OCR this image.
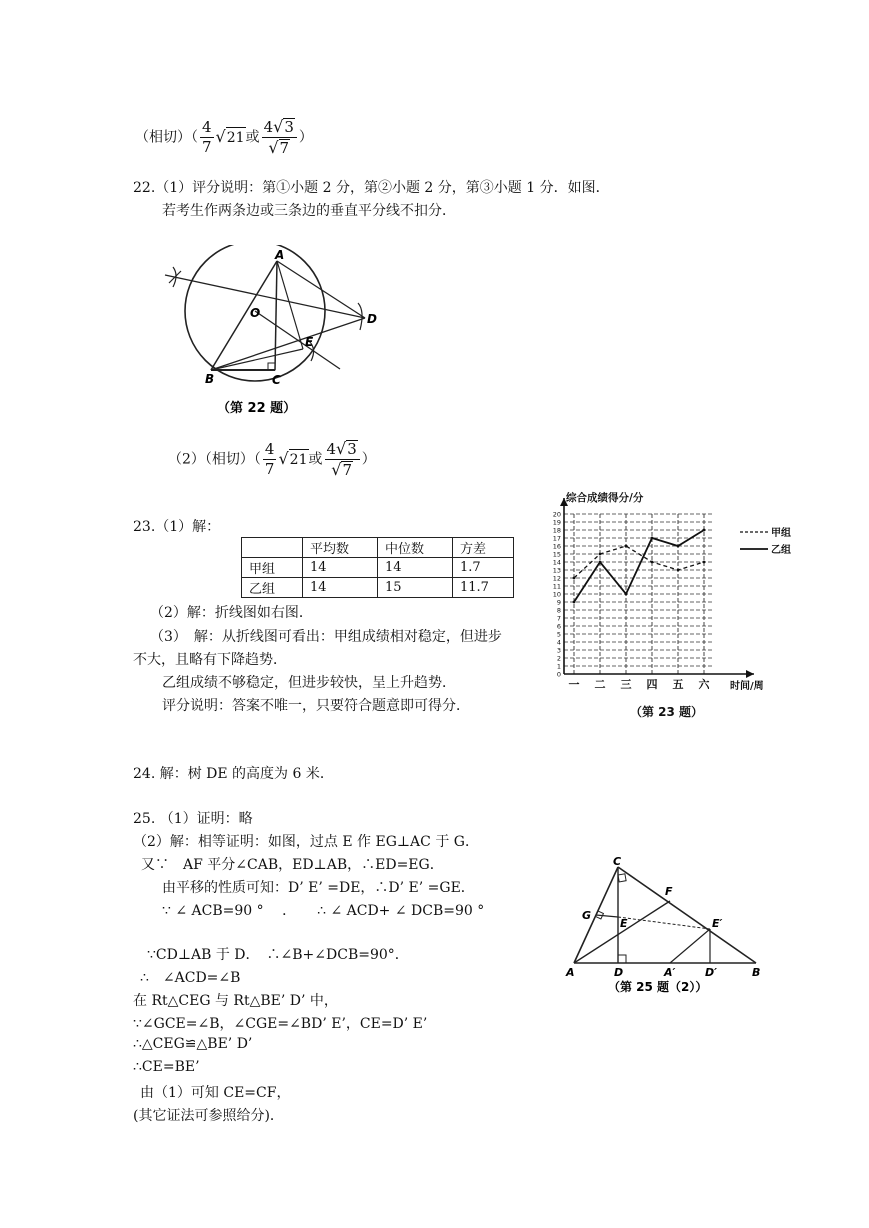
（相切）（ $\frac{4}{7} √21$或 $\frac{4√3}{√7}$ ）
22.（1）评分说明：第①小题 2 分，第②小题 2 分，第③小题 1 分．如图．
若考生作两条边或三条边的垂直平分线不扣分．
A
O	D
E
B	C
（第 22 题）
（2）（相切）（ $\frac{4}{7} √21$或 $\frac{4√3}{√7}$ ）
23.（1）解：
	平均数	中位数	方差
甲组	14	14	1.7
乙组	14	15	11.7
（2）解：折线图如右图．
（3）　解：从折线图可看出：甲组成绩相对稳定，但进步
不大，且略有下降趋势．
乙组成绩不够稳定，但进步较快，呈上升趋势．
评分说明：答案不唯一，只要符合题意即可得分．
0
1
2
3
4
5
6
7
8
9
10
11
12
13
14
15
16
17
18
19
20
一 二 三 四 五 六
综合成绩得分/分
时间/周
甲组
乙组
（第 23 题）
24. 解：树 DE 的高度为 6 米．
25. （1）证明：略
（2）解：相等证明：如图，过点 E 作 EG⊥AC 于 G．
又∵　AF 平分∠CAB，ED⊥AB，∴ED=EG．
由平移的性质可知：D’ E’ =DE，∴D’ E’ =GE．
∵ ∠ ACB=90 ° 　．　　∴ ∠ ACD+ ∠ DCB=90 °
∵CD⊥AB 于 D．　∴∠B+∠DCB=90°．
∴　∠ACD=∠B
在 Rt△CEG 与 Rt△BE’ D’ 中，
∵∠GCE=∠B，∠CGE=∠BD’ E’，CE=D’ E’
∴△CEG≌△BE’ D’
∴CE=BE’
由（1）可知 CE=CF，
(其它证法可参照给分)．
C
F
G
E	E′
A	D	A′	D′	B
（第 25 题（2））
